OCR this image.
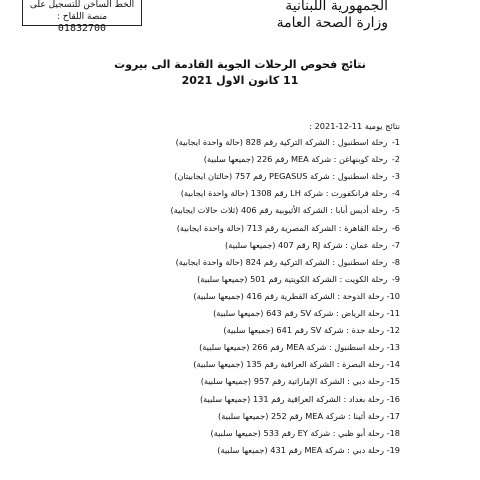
الخط الساخن للتسجيل على منصة اللقاح :
01832700
الجمهورية اللبنانية
وزارة الصحة العامة
نتائج فحوص الرحلات الجوية القادمة الى بيروت
11 كانون الاول 2021
نتائج يومية 11-12-2021 :
1- رحلة اسطنبول : الشركة التركية رقم 828 (حالة واحدة ايجابية)
2- رحلة كوبنهاغن : شركة MEA رقم 226 (جميعها سلبية)
3- رحلة اسطنبول : شركة PEGASUS رقم 757 (حالتان ايجابيتان)
4- رحلة فرانكفورت : شركة LH رقم 1308 (حالة واحدة ايجابية)
5- رحلة أديس أبابا : الشركة الأثيوبية رقم 406 (ثلاث حالات ايجابية)
6- رحلة القاهرة : الشركة المصرية رقم 713 (حالة واحدة ايجابية)
7- رحلة عمان : شركة RJ رقم 407 (جميعها سلبية)
8- رحلة اسطنبول : الشركة التركية رقم 824 (حالة واحدة ايجابية)
9- رحلة الكويت : الشركة الكويتية رقم 501 (جميعها سلبية)
10- رحلة الدوحة : الشركة القطرية رقم 416 (جميعها سلبية)
11- رحلة الرياض : شركة SV رقم 643 (جميعها سلبية)
12- رحلة جدة : شركة SV رقم 641 (جميعها سلبية)
13- رحلة اسطنبول : شركة MEA رقم 266 (جميعها سلبية)
14- رحلة البصرة : الشركة العراقية رقم 135 (جميعها سلبية)
15- رحلة دبي : الشركة الإماراتية رقم 957 (جميعها سلبية)
16- رحلة بغداد : الشركة العراقية رقم 131 (جميعها سلبية)
17- رحلة أثينا : شركة MEA رقم 252 (جميعها سلبية)
18- رحلة أبو ظبي : شركة EY رقم 533 (جميعها سلبية)
19- رحلة دبي : شركة MEA رقم 431 (جميعها سلبية)
